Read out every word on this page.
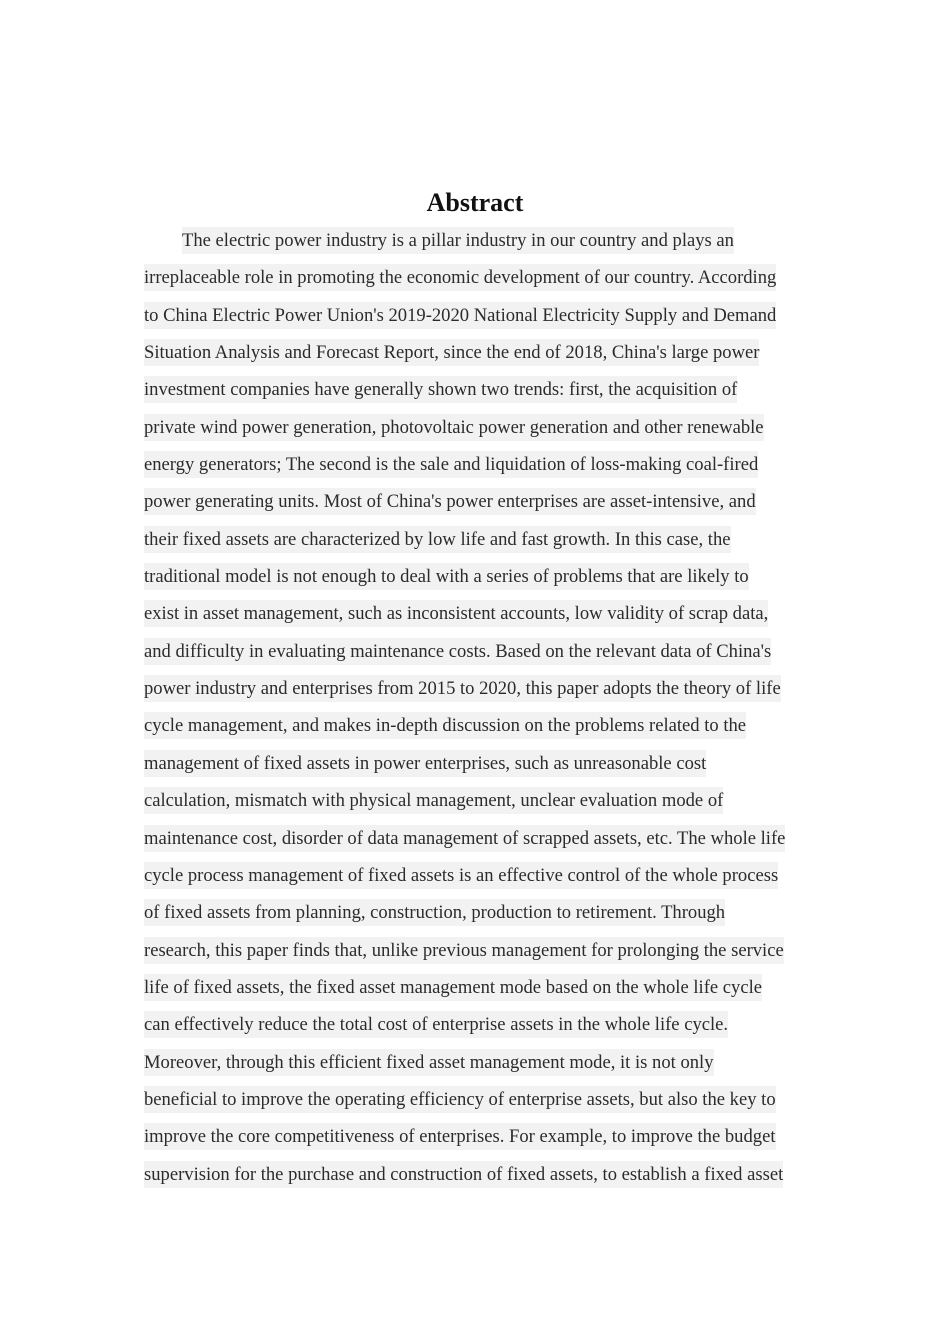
Abstract
The electric power industry is a pillar industry in our country and plays an
irreplaceable role in promoting the economic development of our country. According
to China Electric Power Union's 2019-2020 National Electricity Supply and Demand
Situation Analysis and Forecast Report, since the end of 2018, China's large power
investment companies have generally shown two trends: first, the acquisition of
private wind power generation, photovoltaic power generation and other renewable
energy generators; The second is the sale and liquidation of loss-making coal-fired
power generating units. Most of China's power enterprises are asset-intensive, and
their fixed assets are characterized by low life and fast growth. In this case, the
traditional model is not enough to deal with a series of problems that are likely to
exist in asset management, such as inconsistent accounts, low validity of scrap data,
and difficulty in evaluating maintenance costs. Based on the relevant data of China's
power industry and enterprises from 2015 to 2020, this paper adopts the theory of life
cycle management, and makes in-depth discussion on the problems related to the
management of fixed assets in power enterprises, such as unreasonable cost
calculation, mismatch with physical management, unclear evaluation mode of
maintenance cost, disorder of data management of scrapped assets, etc. The whole life
cycle process management of fixed assets is an effective control of the whole process
of fixed assets from planning, construction, production to retirement. Through
research, this paper finds that, unlike previous management for prolonging the service
life of fixed assets, the fixed asset management mode based on the whole life cycle
can effectively reduce the total cost of enterprise assets in the whole life cycle.
Moreover, through this efficient fixed asset management mode, it is not only
beneficial to improve the operating efficiency of enterprise assets, but also the key to
improve the core competitiveness of enterprises. For example, to improve the budget
supervision for the purchase and construction of fixed assets, to establish a fixed asset
